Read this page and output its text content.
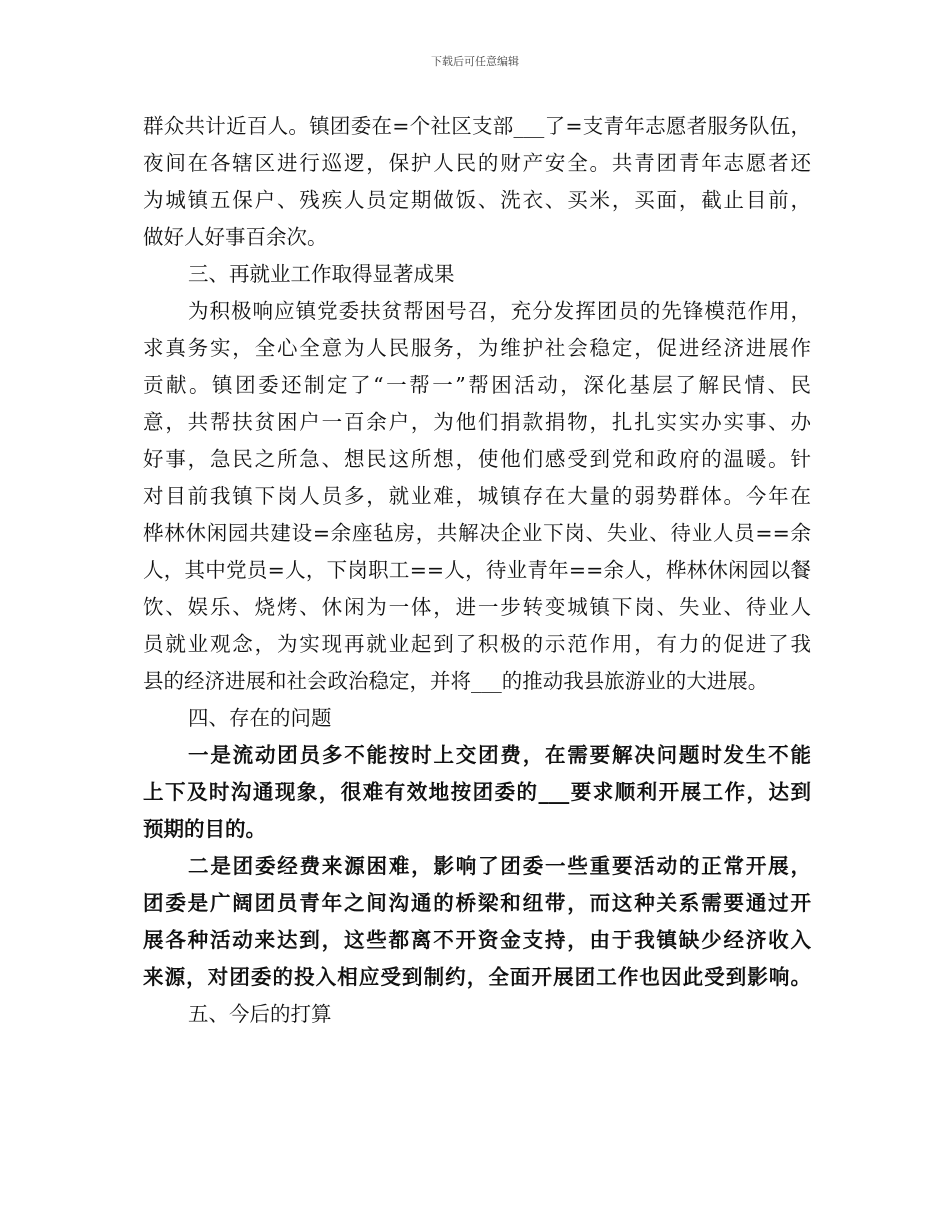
下载后可任意编辑
群众共计近百人。镇团委在=个社区支部___了=支青年志愿者服务队伍，
夜间在各辖区进行巡逻，保护人民的财产安全。共青团青年志愿者还
为城镇五保户、残疾人员定期做饭、洗衣、买米，买面，截止目前，
做好人好事百余次。
三、再就业工作取得显著成果
为积极响应镇党委扶贫帮困号召，充分发挥团员的先锋模范作用，
求真务实，全心全意为人民服务，为维护社会稳定，促进经济进展作
贡献。镇团委还制定了“一帮一”帮困活动，深化基层了解民情、民
意，共帮扶贫困户一百余户，为他们捐款捐物，扎扎实实办实事、办
好事，急民之所急、想民这所想，使他们感受到党和政府的温暖。针
对目前我镇下岗人员多，就业难，城镇存在大量的弱势群体。今年在
桦林休闲园共建设=余座毡房，共解决企业下岗、失业、待业人员==余
人，其中党员=人，下岗职工==人，待业青年==余人，桦林休闲园以餐
饮、娱乐、烧烤、休闲为一体，进一步转变城镇下岗、失业、待业人
员就业观念，为实现再就业起到了积极的示范作用，有力的促进了我
县的经济进展和社会政治稳定，并将___的推动我县旅游业的大进展。
四、存在的问题
一是流动团员多不能按时上交团费，在需要解决问题时发生不能
上下及时沟通现象，很难有效地按团委的___要求顺利开展工作，达到
预期的目的。
二是团委经费来源困难，影响了团委一些重要活动的正常开展，
团委是广阔团员青年之间沟通的桥梁和纽带，而这种关系需要通过开
展各种活动来达到，这些都离不开资金支持，由于我镇缺少经济收入
来源，对团委的投入相应受到制约，全面开展团工作也因此受到影响。
五、今后的打算
